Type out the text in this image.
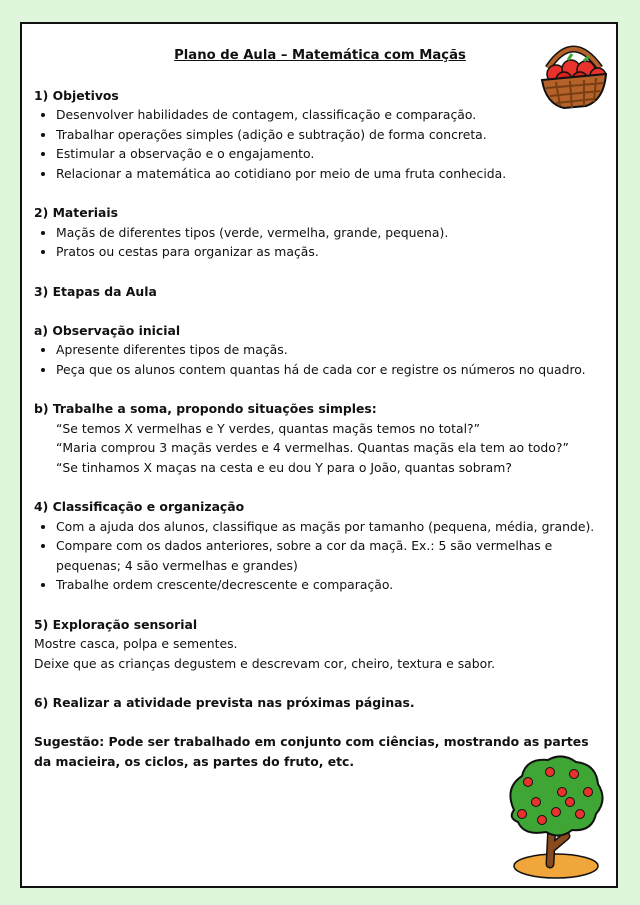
Plano de Aula – Matemática com Maçãs

1) Objetivos

• Desenvolver habilidades de contagem, classificação e comparação.
• Trabalhar operações simples (adição e subtração) de forma concreta.
• Estimular a observação e o engajamento.
• Relacionar a matemática ao cotidiano por meio de uma fruta conhecida.

2) Materiais

• Maçãs de diferentes tipos (verde, vermelha, grande, pequena).
• Pratos ou cestas para organizar as maçãs.

3) Etapas da Aula

a) Observação inicial

• Apresente diferentes tipos de maçãs.
• Peça que os alunos contem quantas há de cada cor e registre os números no quadro.

b) Trabalhe a soma, propondo situações simples:

“Se temos X vermelhas e Y verdes, quantas maçãs temos no total?”

“Maria comprou 3 maçãs verdes e 4 vermelhas. Quantas maçãs ela tem ao todo?”

“Se tinhamos X maças na cesta e eu dou Y para o João, quantas sobram?

4) Classificação e organização

• Com a ajuda dos alunos, classifique as maçãs por tamanho (pequena, média, grande).
• Compare com os dados anteriores, sobre a cor da maçã. Ex.: 5 são vermelhas e pequenas; 4 são vermelhas e grandes)
• Trabalhe ordem crescente/decrescente e comparação.

5) Exploração sensorial

Mostre casca, polpa e sementes.

Deixe que as crianças degustem e descrevam cor, cheiro, textura e sabor.

6) Realizar a atividade prevista nas próximas páginas.

Sugestão: Pode ser trabalhado em conjunto com ciências, mostrando as partes da macieira, os ciclos, as partes do fruto, etc.
